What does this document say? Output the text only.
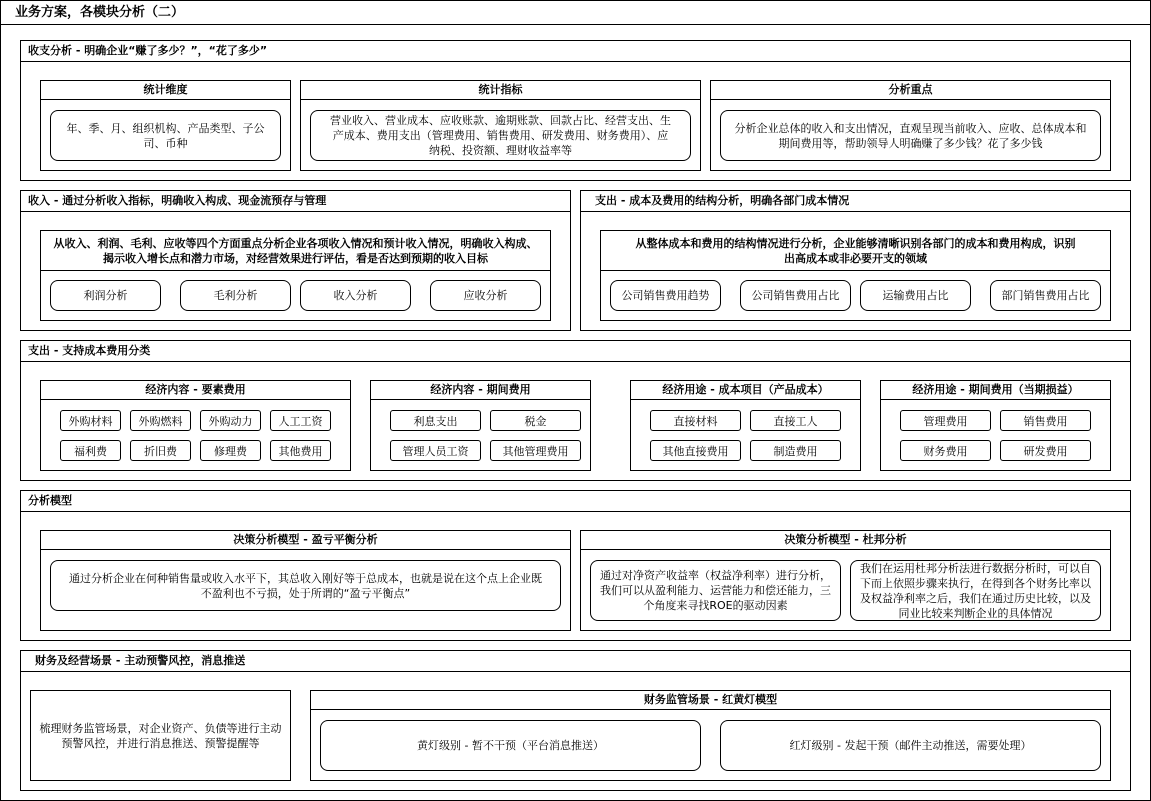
业务方案，各模块分析（二）
收支分析 - 明确企业“赚了多少？”，“花了多少”
统计维度
年、季、月、组织机构、产品类型、子公司、币种
统计指标
营业收入、营业成本、应收账款、逾期账款、回款占比、经营支出、生产成本、费用支出（管理费用、销售费用、研发费用、财务费用）、应纳税、投资额、理财收益率等
分析重点
分析企业总体的收入和支出情况，直观呈现当前收入、应收、总体成本和期间费用等，帮助领导人明确赚了多少钱？花了多少钱
收入 - 通过分析收入指标，明确收入构成、现金流预存与管理
从收入、利润、毛利、应收等四个方面重点分析企业各项收入情况和预计收入情况，明确收入构成、揭示收入增长点和潜力市场，对经营效果进行评估，看是否达到预期的收入目标
利润分析	毛利分析	收入分析	应收分析
支出 - 成本及费用的结构分析，明确各部门成本情况
从整体成本和费用的结构情况进行分析，企业能够清晰识别各部门的成本和费用构成，识别出高成本或非必要开支的领域
公司销售费用趋势	公司销售费用占比	运输费用占比	部门销售费用占比
支出 - 支持成本费用分类
经济内容 - 要素费用
外购材料	外购燃料	外购动力	人工工资
福利费	折旧费	修理费	其他费用
经济内容 - 期间费用
利息支出	税金
管理人员工资	其他管理费用
经济用途 - 成本项目（产品成本）
直接材料	直接工人
其他直接费用	制造费用
经济用途 - 期间费用（当期损益）
管理费用	销售费用
财务费用	研发费用
分析模型
决策分析模型 - 盈亏平衡分析
通过分析企业在何种销售量或收入水平下，其总收入刚好等于总成本，也就是说在这个点上企业既不盈利也不亏损，处于所谓的“盈亏平衡点”
决策分析模型 - 杜邦分析
通过对净资产收益率（权益净利率）进行分析，我们可以从盈利能力、运营能力和偿还能力，三个角度来寻找ROE的驱动因素
我们在运用杜邦分析法进行数据分析时，可以自下而上依照步骤来执行，在得到各个财务比率以及权益净利率之后，我们在通过历史比较，以及同业比较来判断企业的具体情况
财务及经营场景 - 主动预警风控，消息推送
梳理财务监管场景，对企业资产、负债等进行主动预警风控，并进行消息推送、预警提醒等
财务监管场景 - 红黄灯模型
黄灯级别 - 暂不干预（平台消息推送）	红灯级别 - 发起干预（邮件主动推送，需要处理）
